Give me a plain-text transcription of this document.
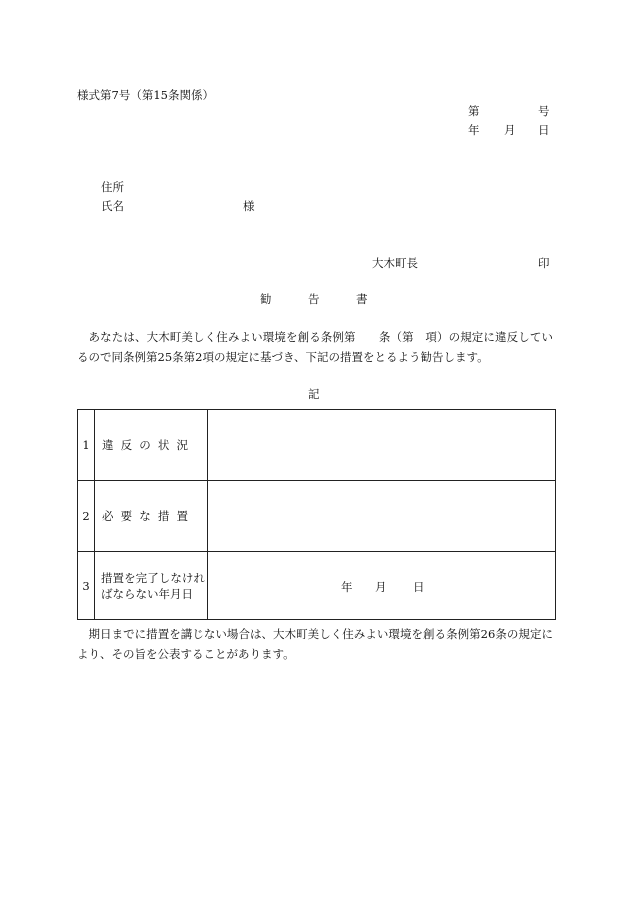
様式第7号（第15条関係）
第	号
年 月 日
住所
氏名	様
大木町長	印
勧	告	書
あなたは、大木町美しく住みよい環境を創る条例第　　条（第　項）の規定に違反しているので同条例第25条第2項の規定に基づき、下記の措置をとるよう勧告します。
記
1	違反の状況	

2	必要な措置	

3	措置を完了しなければならない年月日	年 月 日
期日までに措置を講じない場合は、大木町美しく住みよい環境を創る条例第26条の規定により、その旨を公表することがあります。
